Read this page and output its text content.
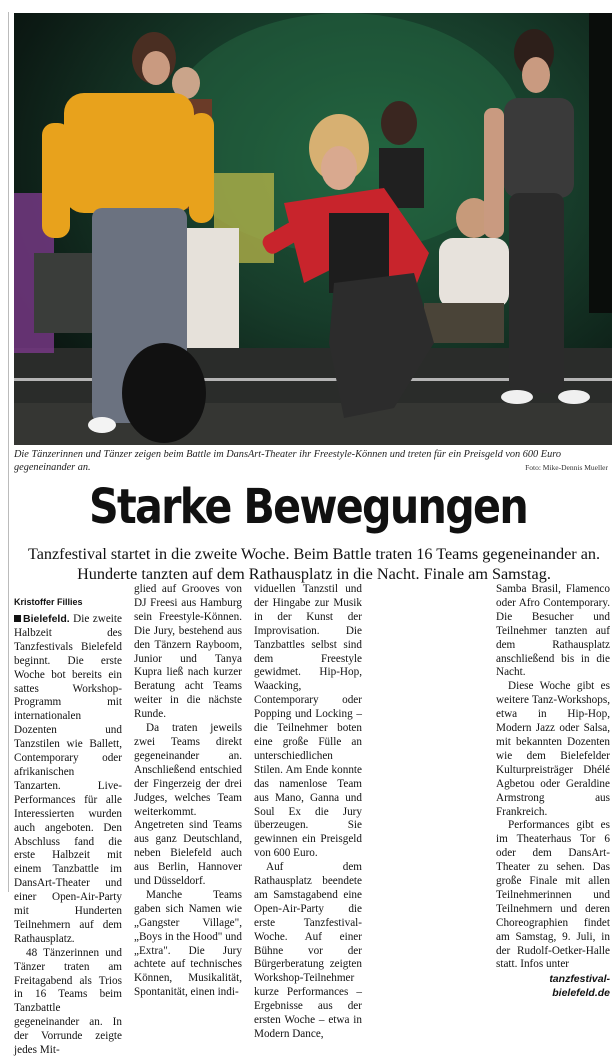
Die Tänzerinnen und Tänzer zeigen beim Battle im DansArt-Theater ihr Freestyle-Können und treten für ein Preisgeld von 600 Euro gegeneinander an.	Foto: Mike-Dennis Mueller
Starke Bewegungen
Tanzfestival startet in die zweite Woche. Beim Battle traten 16 Teams gegeneinander an.
Hunderte tanzten auf dem Rathausplatz in die Nacht. Finale am Samstag.
Kristoffer Fillies

Bielefeld. Die zweite Halbzeit des Tanzfestivals Bielefeld beginnt. Die erste Woche bot bereits ein sattes Workshop-Programm mit internationalen Dozenten und Tanzstilen wie Ballett, Contemporary oder afrikanischen Tanzarten. Live-Performances für alle Interessierten wurden auch angeboten. Den Abschluss fand die erste Halbzeit mit einem Tanzbattle im DansArt-Theater und einer Open-Air-Party mit Hunderten Teilnehmern auf dem Rathausplatz.

48 Tänzerinnen und Tänzer traten am Freitagabend als Trios in 16 Teams beim Tanzbattle gegeneinander an. In der Vorrunde zeigte jedes Mit-

glied auf Grooves von DJ Freesi aus Hamburg sein Freestyle-Können. Die Jury, bestehend aus den Tänzern Rayboom, Junior und Tanya Kupra ließ nach kurzer Beratung acht Teams weiter in die nächste Runde.

Da traten jeweils zwei Teams direkt gegeneinander an. Anschließend entschied der Fingerzeig der drei Judges, welches Team weiterkommt. Angetreten sind Teams aus ganz Deutschland, neben Bielefeld auch aus Berlin, Hannover und Düsseldorf.

Manche Teams gaben sich Namen wie „Gangster Village", „Boys in the Hood" und „Extra". Die Jury achtete auf technisches Können, Musikalität, Spontanität, einen indi-

viduellen Tanzstil und der Hingabe zur Musik in der Kunst der Improvisation. Die Tanzbattles selbst sind dem Freestyle gewidmet. Hip-Hop, Waacking, Contemporary oder Popping und Locking – die Teilnehmer boten eine große Fülle an unterschiedlichen Stilen. Am Ende konnte das namenlose Team aus Mano, Ganna und Soul Ex die Jury überzeugen. Sie gewinnen ein Preisgeld von 600 Euro.

Auf dem Rathausplatz beendete am Samstagabend eine Open-Air-Party die erste Tanzfestival-Woche. Auf einer Bühne vor der Bürgerberatung zeigten Workshop-Teilnehmer kurze Performances – Ergebnisse aus der ersten Woche – etwa in Modern Dance,

Samba Brasil, Flamenco oder Afro Contemporary. Die Besucher und Teilnehmer tanzten auf dem Rathausplatz anschließend bis in die Nacht.

Diese Woche gibt es weitere Tanz-Workshops, etwa in Hip-Hop, Modern Jazz oder Salsa, mit bekannten Dozenten wie dem Bielefelder Kulturpreisträger Dhélé Agbetou oder Geraldine Armstrong aus Frankreich.

Performances gibt es im Theaterhaus Tor 6 oder dem DansArt-Theater zu sehen. Das große Finale mit allen Teilnehmerinnen und Teilnehmern und deren Choreographien findet am Samstag, 9. Juli, in der Rudolf-Oetker-Halle statt. Infos unter

tanzfestival-bielefeld.de
